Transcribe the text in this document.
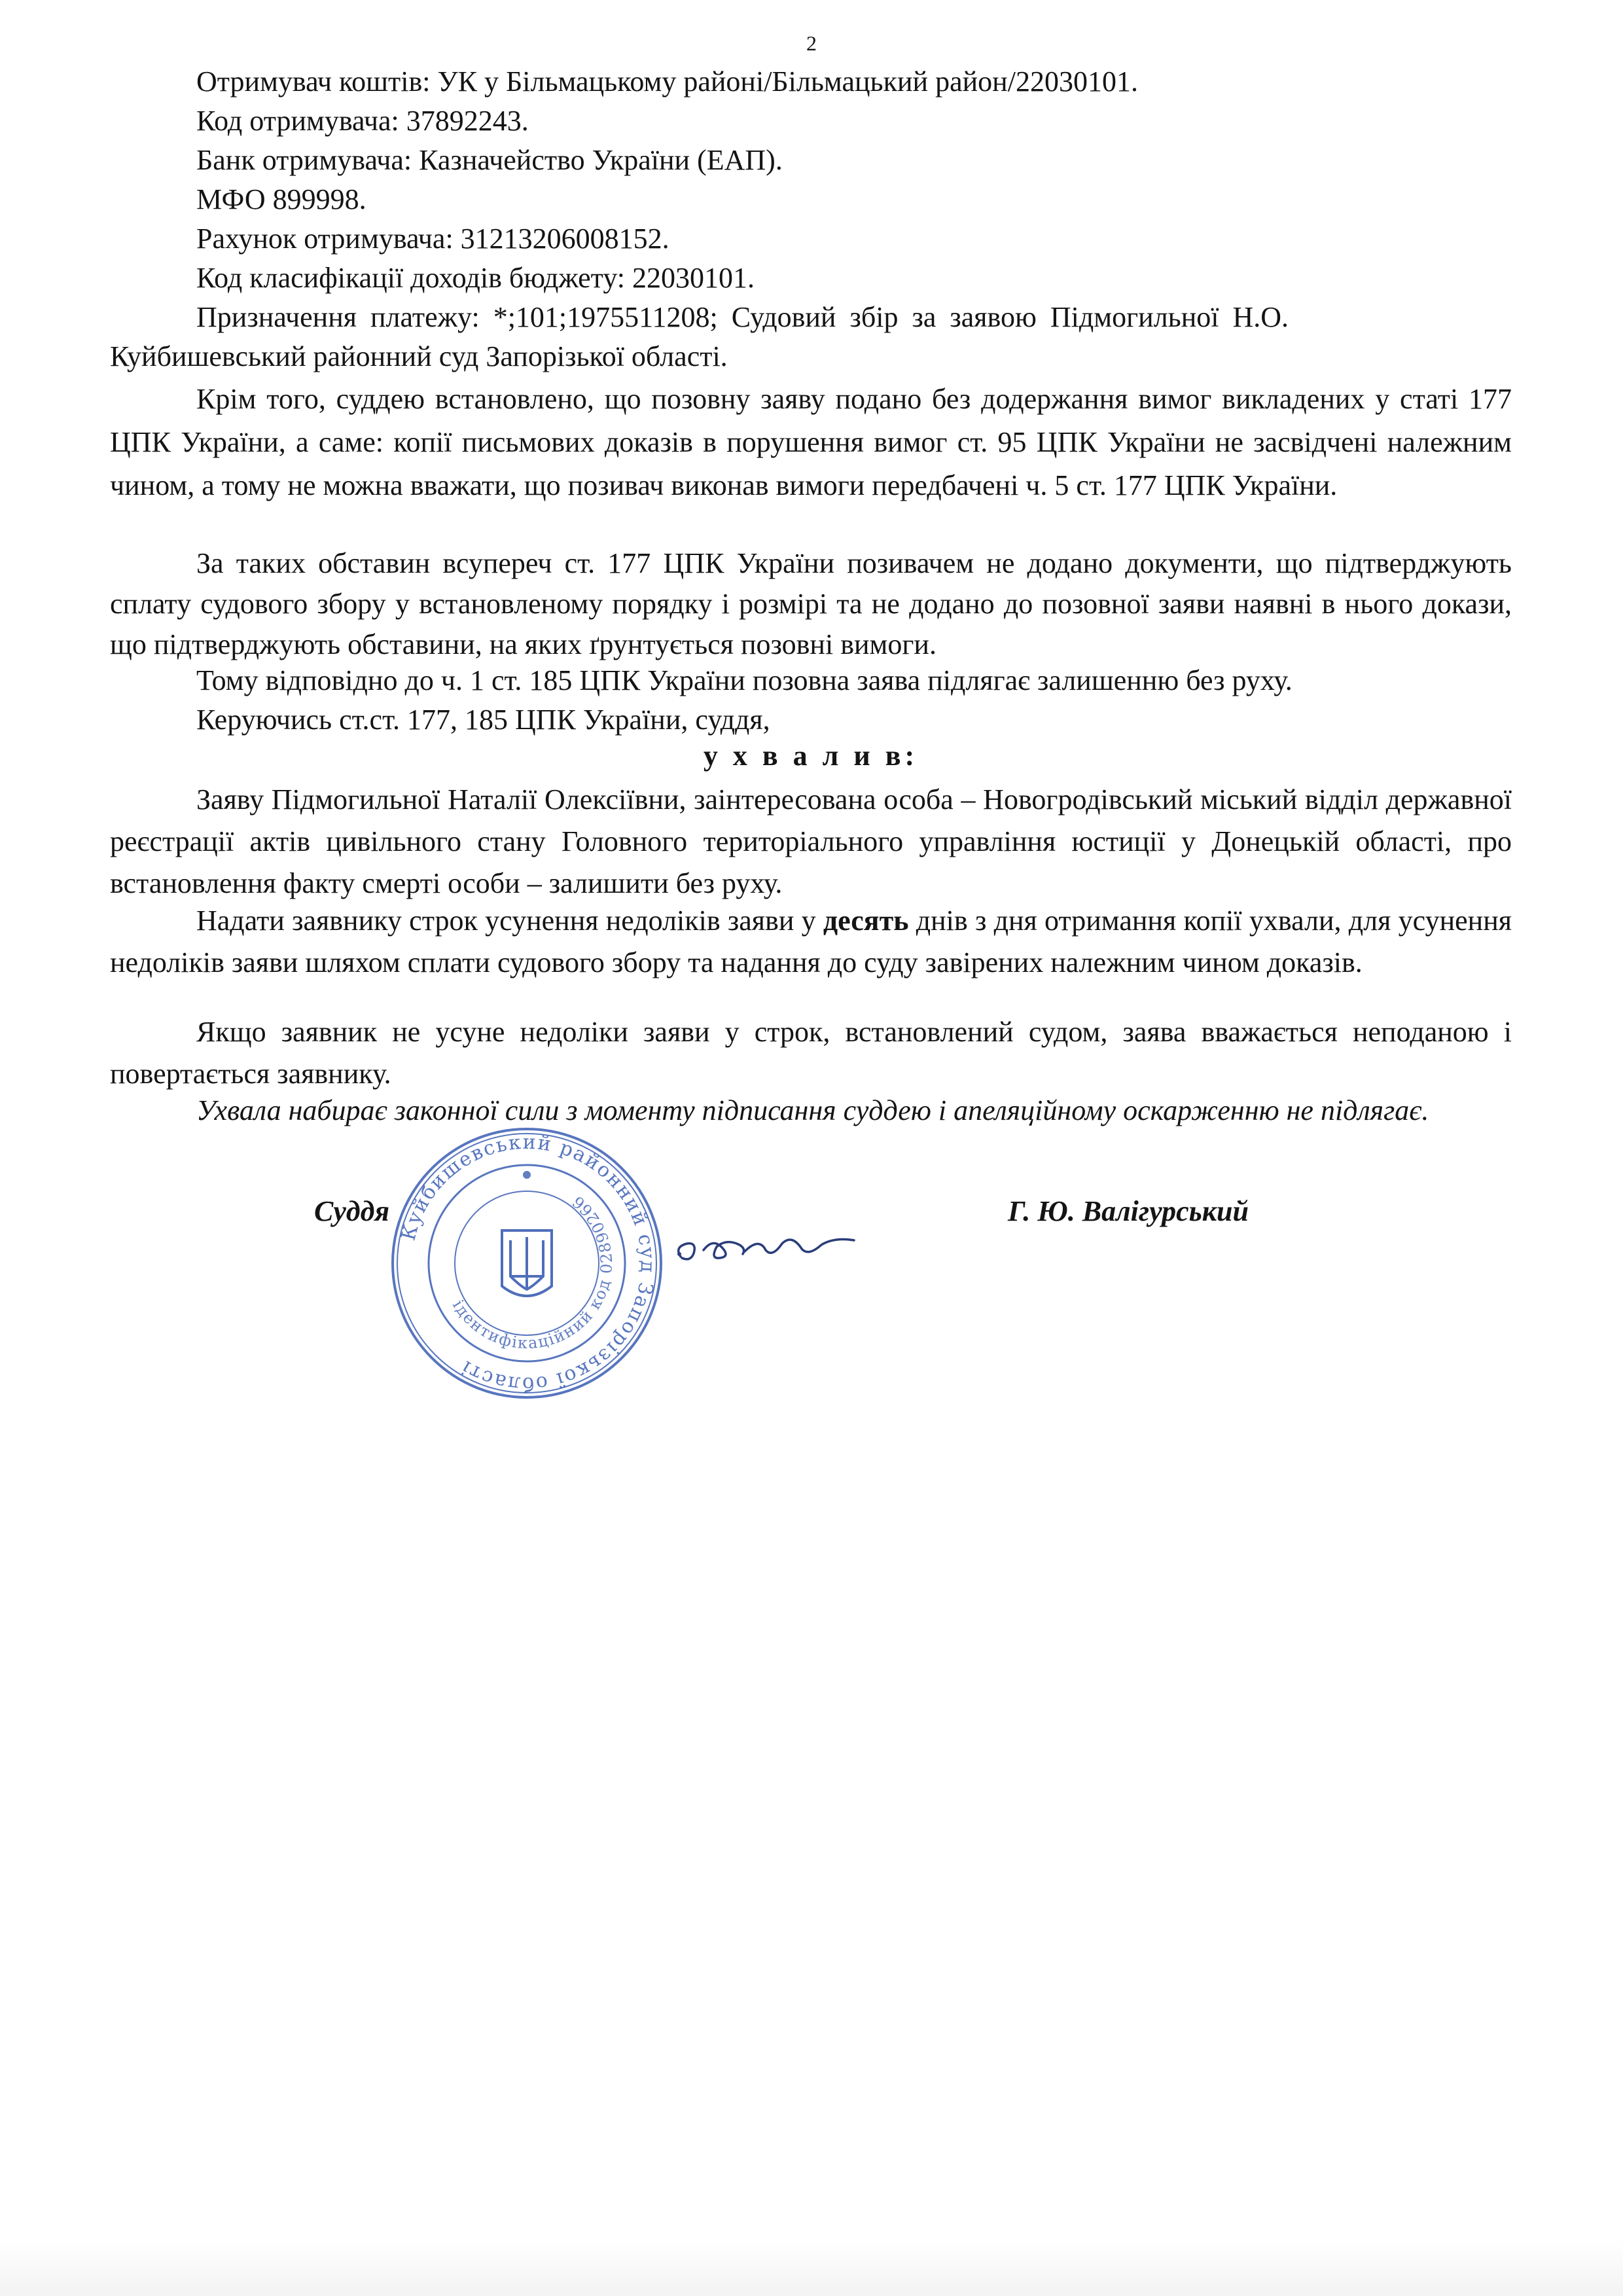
2

Отримувач коштів: УК у Більмацькому районі/Більмацький район/22030101.

Код отримувача: 37892243.

Банк отримувача: Казначейство України (ЕАП).

МФО 899998.

Рахунок отримувача: 31213206008152.

Код класифікації доходів бюджету: 22030101.

Призначення платежу: *;101;1975511208; Судовий збір за заявою Підмогильної Н.О.
Куйбишевський районний суд Запорізької області.
Крім того, суддею встановлено, що позовну заяву подано без додержання вимог викладених у статі 177 ЦПК України, а саме: копії письмових доказів в порушення вимог ст. 95 ЦПК України не засвідчені належним чином, а тому не можна вважати, що позивач виконав вимоги передбачені ч. 5 ст. 177 ЦПК України.
За таких обставин всупереч ст. 177 ЦПК України позивачем не додано документи, що підтверджують сплату судового збору у встановленому порядку і розмірі та не додано до позовної заяви наявні в нього докази, що підтверджують обставини, на яких ґрунтується позовні вимоги.
Тому відповідно до ч. 1 ст. 185 ЦПК України позовна заява підлягає залишенню без руху.
Керуючись ст.ст. 177, 185 ЦПК України, суддя,
у х в а л и в:
Заяву Підмогильної Наталії Олексіївни, заінтересована особа – Новогродівський міський відділ державної реєстрації актів цивільного стану Головного територіального управління юстиції у Донецькій області, про встановлення факту смерті особи – залишити без руху.
Надати заявнику строк усунення недоліків заяви у десять днів з дня отримання копії ухвали, для усунення недоліків заяви шляхом сплати судового збору та надання до суду завірених належним чином доказів.
Якщо заявник не усуне недоліки заяви у строк, встановлений судом, заява вважається неподаною і повертається заявнику.
Ухвала набирає законної сили з моменту підписання суддею і апеляційному оскарженню не підлягає.
Куйбишевський районний суд Запорізької області
ідентифікаційний код 02890266
Суддя	Г. Ю. Валігурський
